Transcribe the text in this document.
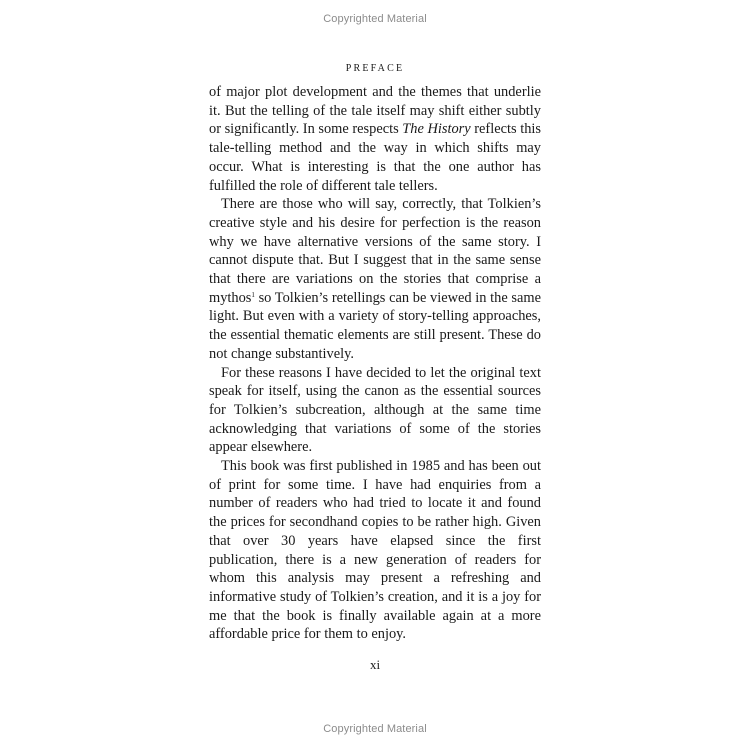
Copyrighted Material
PREFACE

of major plot development and the themes that underlie it. But the telling of the tale itself may shift either subtly or significantly. In some respects The History reflects this tale-telling method and the way in which shifts may occur. What is interesting is that the one author has fulfilled the role of different tale tellers.

There are those who will say, correctly, that Tolkien’s creative style and his desire for perfection is the reason why we have alternative versions of the same story. I cannot dispute that. But I suggest that in the same sense that there are variations on the stories that comprise a mythos$^1$ so Tolkien’s retellings can be viewed in the same light. But even with a variety of story-telling approaches, the essential thematic elements are still present. These do not change substantively.

For these reasons I have decided to let the original text speak for itself, using the canon as the essential sources for Tolkien’s subcreation, although at the same time acknowledging that variations of some of the stories appear elsewhere.

This book was first published in 1985 and has been out of print for some time. I have had enquiries from a number of readers who had tried to locate it and found the prices for secondhand copies to be rather high. Given that over 30 years have elapsed since the first publication, there is a new generation of readers for whom this analysis may present a refreshing and informative study of Tolkien’s creation, and it is a joy for me that the book is finally available again at a more affordable price for them to enjoy.

xi
Copyrighted Material
